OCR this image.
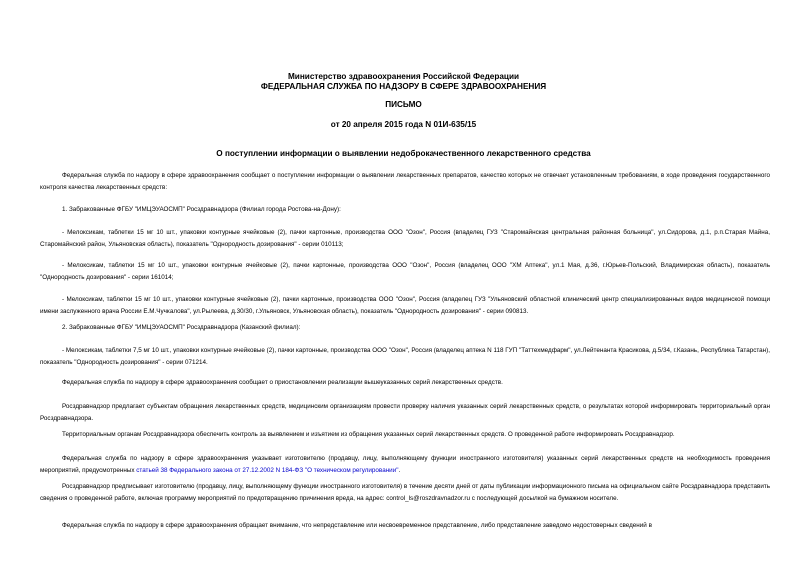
Министерство здравоохранения Российской Федерации
ФЕДЕРАЛЬНАЯ СЛУЖБА ПО НАДЗОРУ В СФЕРЕ ЗДРАВООХРАНЕНИЯ
ПИСЬМО
от 20 апреля 2015 года N 01И-635/15
О поступлении информации о выявлении недоброкачественного лекарственного средства

Федеральная служба по надзору в сфере здравоохранения сообщает о поступлении информации о выявлении лекарственных препаратов, качество которых не отвечает установленным требованиям, в ходе проведения государственного контроля качества лекарственных средств:

1. Забракованные ФГБУ "ИМЦЭУАОСМП" Росздравнадзора (Филиал города Ростова-на-Дону):

- Мелоксикам, таблетки 15 мг 10 шт., упаковки контурные ячейковые (2), пачки картонные, производства ООО "Озон", Россия (владелец ГУЗ "Старомайнская центральная районная больница", ул.Сидорова, д.1, р.п.Старая Майна, Старомайнский район, Ульяновская область), показатель "Однородность дозирования" - серии 010113;

- Мелоксикам, таблетки 15 мг 10 шт., упаковки контурные ячейковые (2), пачки картонные, производства ООО "Озон", Россия (владелец ООО "ХМ Аптека", ул.1 Мая, д.36, г.Юрьев-Польский, Владимирская область), показатель "Однородность дозирования" - серии 161014;

- Мелоксикам, таблетки 15 мг 10 шт., упаковки контурные ячейковые (2), пачки картонные, производства ООО "Озон", Россия (владелец ГУЗ "Ульяновский областной клинический центр специализированных видов медицинской помощи имени заслуженного врача России Е.М.Чучкалова", ул.Рылеева, д.30/30, г.Ульяновск, Ульяновская область), показатель "Однородность дозирования" - серии 090813.

2. Забракованные ФГБУ "ИМЦЭУАОСМП" Росздравнадзора (Казанский филиал):

- Мелоксикам, таблетки 7,5 мг 10 шт., упаковки контурные ячейковые (2), пачки картонные, производства ООО "Озон", Россия (владелец аптека N 118 ГУП "Таттехмедфарм", ул.Лейтенанта Красикова, д.5/34, г.Казань, Республика Татарстан), показатель "Однородность дозирования" - серии 071214.

Федеральная служба по надзору в сфере здравоохранения сообщает о приостановлении реализации вышеуказанных серий лекарственных средств.

Росздравнадзор предлагает субъектам обращения лекарственных средств, медицинским организациям провести проверку наличия указанных серий лекарственных средств, о результатах которой информировать территориальный орган Росздравнадзора.

Территориальным органам Росздравнадзора обеспечить контроль за выявлением и изъятием из обращения указанных серий лекарственных средств. О проведенной работе информировать Росздравнадзор.

Федеральная служба по надзору в сфере здравоохранения указывает изготовителю (продавцу, лицу, выполняющему функции иностранного изготовителя) указанных серий лекарственных средств на необходимость проведения мероприятий, предусмотренных статьей 38 Федерального закона от 27.12.2002 N 184-ФЗ "О техническом регулировании".

Росздравнадзор предписывает изготовителю (продавцу, лицу, выполняющему функции иностранного изготовителя) в течение десяти дней от даты публикации информационного письма на официальном сайте Росздравнадзора представить сведения о проведенной работе, включая программу мероприятий по предотвращению причинения вреда, на адрес: control_ls@roszdravnadzor.ru с последующей досылкой на бумажном носителе.

Федеральная служба по надзору в сфере здравоохранения обращает внимание, что непредставление или несвоевременное представление, либо представление заведомо недостоверных сведений в
